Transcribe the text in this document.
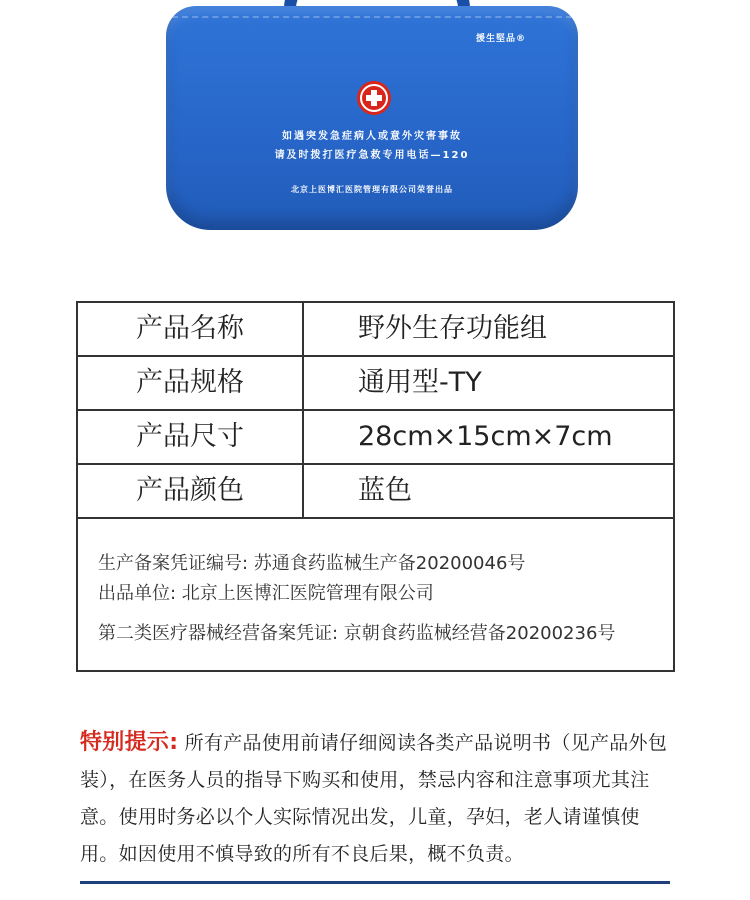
援生堅品®
如遇突发急症病人或意外灾害事故
请及时拨打医疗急救专用电话—120
北京上医博汇医院管理有限公司荣誉出品
产品名称	野外生存功能组
产品规格	通用型-TY
产品尺寸	28cm×15cm×7cm
产品颜色	蓝色
生产备案凭证编号: 苏通食药监械生产备20200046号
出品单位: 北京上医博汇医院管理有限公司
第二类医疗器械经营备案凭证: 京朝食药监械经营备20200236号
特别提示: 所有产品使用前请仔细阅读各类产品说明书（见产品外包装），在医务人员的指导下购买和使用，禁忌内容和注意事项尤其注意。使用时务必以个人实际情况出发，儿童，孕妇，老人请谨慎使用。如因使用不慎导致的所有不良后果，概不负责。
